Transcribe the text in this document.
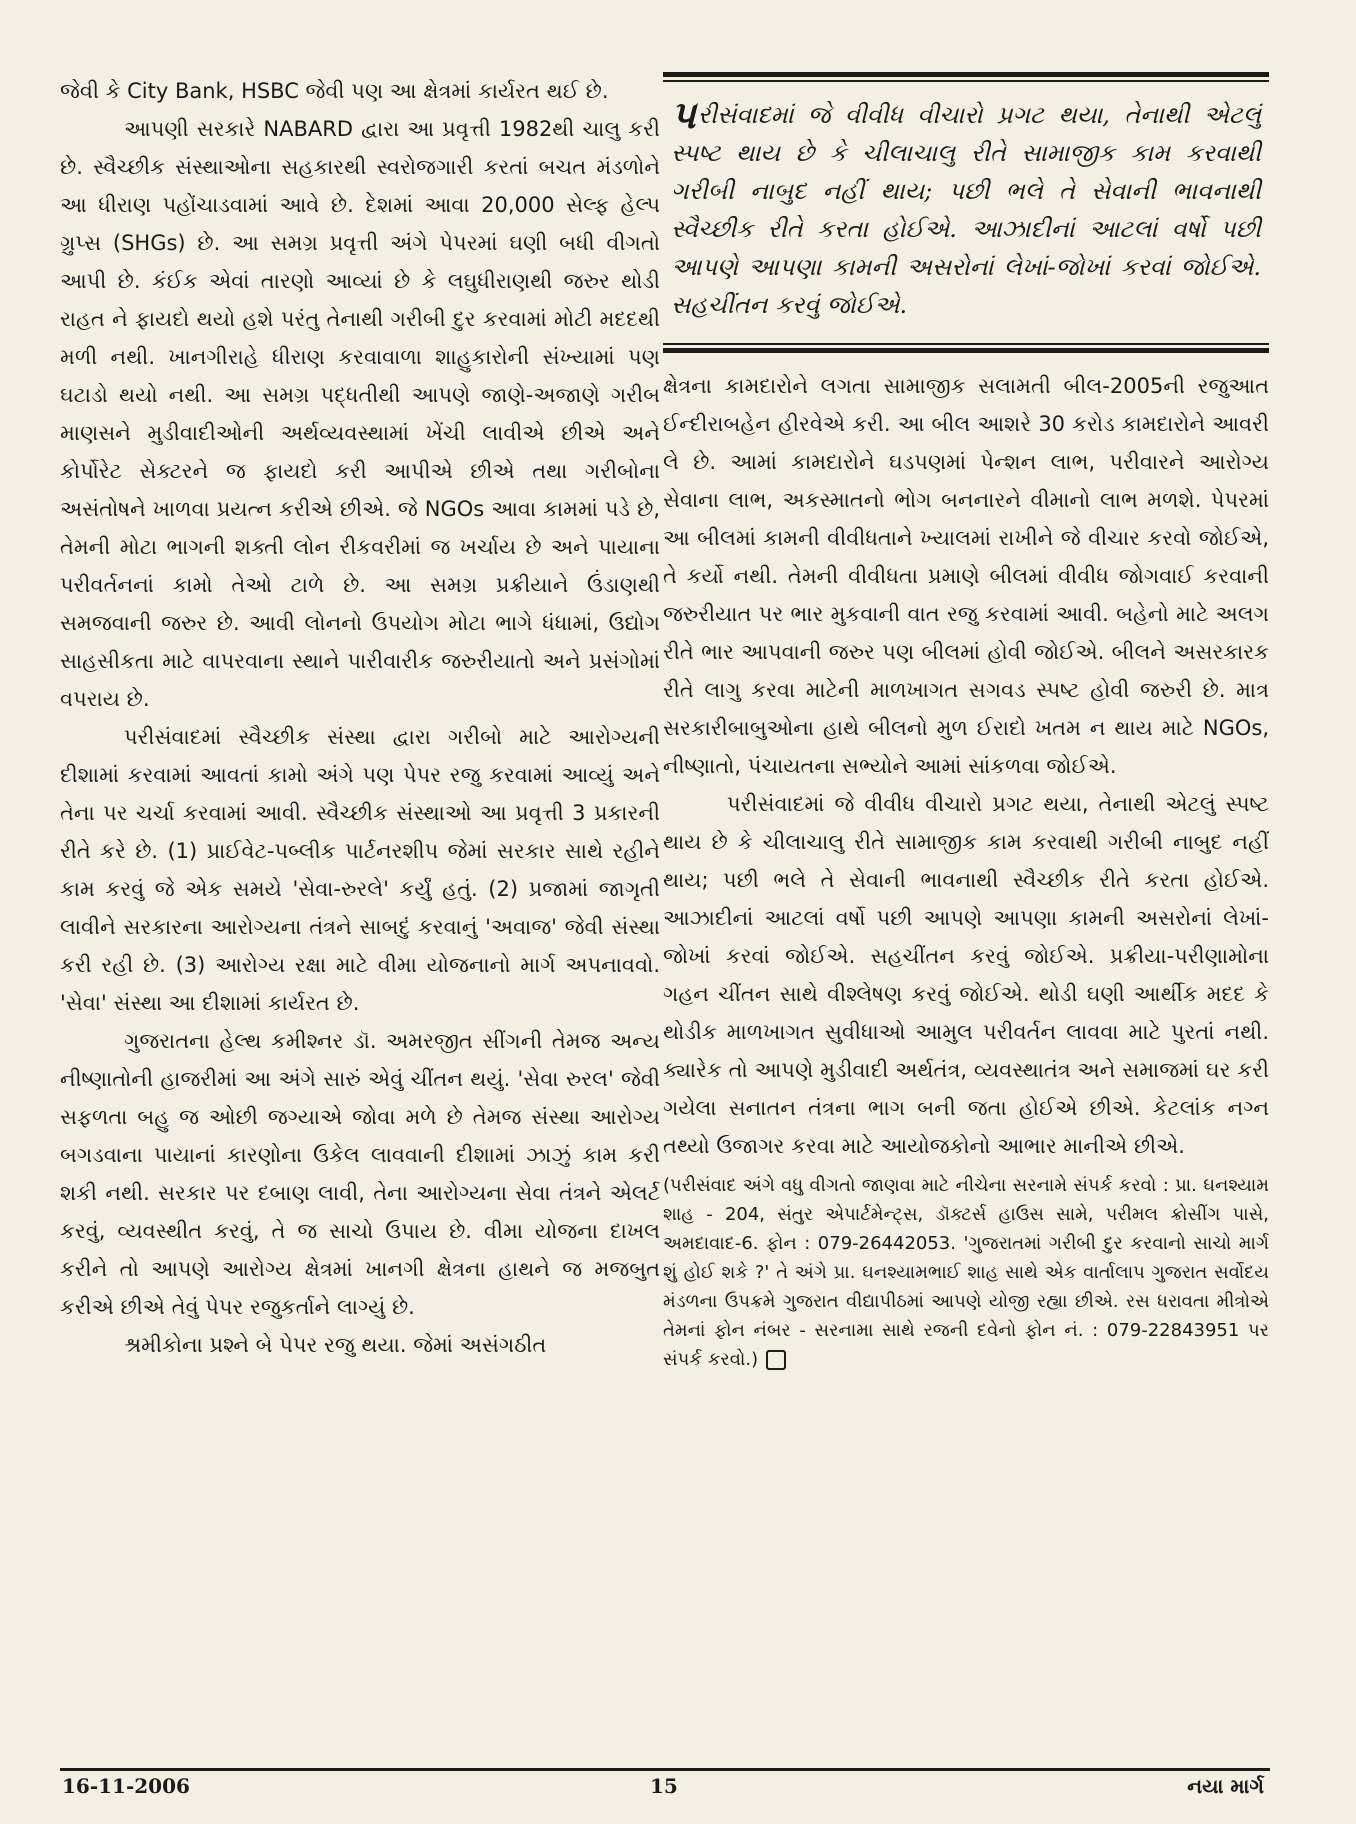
જેવી કે City Bank, HSBC જેવી પણ આ ક્ષેત્રમાં કાર્યરત થઈ છે.

આપણી સરકારે NABARD દ્વારા આ પ્રવૃત્તી 1982થી ચાલુ કરી છે. સ્વૈચ્છીક સંસ્થાઓના સહકારથી સ્વરોજગારી કરતાં બચત મંડળોને આ ધીરાણ પહોંચાડવામાં આવે છે. દેશમાં આવા 20,000 સેલ્ફ હેલ્પ ગ્રુપ્સ (SHGs) છે. આ સમગ્ર પ્રવૃત્તી અંગે પેપરમાં ઘણી બધી વીગતો આપી છે. કંઈક એવાં તારણો આવ્યાં છે કે લઘુધીરાણથી જરુર થોડી રાહત ને ફાયદો થયો હશે પરંતુ તેનાથી ગરીબી દુર કરવામાં મોટી મદદથી મળી નથી. ખાનગીરાહે ધીરાણ કરવાવાળા શાહુકારોની સંખ્યામાં પણ ઘટાડો થયો નથી. આ સમગ્ર પદ્ધતીથી આપણે જાણે-અજાણે ગરીબ માણસને મુડીવાદીઓની અર્થવ્યવસ્થામાં ખેંચી લાવીએ છીએ અને કોર્પોરેટ સેક્ટરને જ ફાયદો કરી આપીએ છીએ તથા ગરીબોના અસંતોષને ખાળવા પ્રયત્ન કરીએ છીએ. જે NGOs આવા કામમાં પડે છે, તેમની મોટા ભાગની શક્તી લોન રીકવરીમાં જ ખર્ચાય છે અને પાયાના પરીવર્તનનાં કામો તેઓ ટાળે છે. આ સમગ્ર પ્રક્રીયાને ઉંડાણથી સમજવાની જરુર છે. આવી લોનનો ઉપયોગ મોટા ભાગે ધંધામાં, ઉદ્યોગ સાહસીકતા માટે વાપરવાના સ્થાને પારીવારીક જરુરીયાતો અને પ્રસંગોમાં વપરાય છે.

પરીસંવાદમાં સ્વૈચ્છીક સંસ્થા દ્વારા ગરીબો માટે આરોગ્યની દીશામાં કરવામાં આવતાં કામો અંગે પણ પેપર રજુ કરવામાં આવ્યું અને તેના પર ચર્ચા કરવામાં આવી. સ્વૈચ્છીક સંસ્થાઓ આ પ્રવૃત્તી 3 પ્રકારની રીતે કરે છે. (1) પ્રાઈવેટ-પબ્લીક પાર્ટનરશીપ જેમાં સરકાર સાથે રહીને કામ કરવું જે એક સમયે 'સેવા-રુરલે' કર્યું હતું. (2) પ્રજામાં જાગૃતી લાવીને સરકારના આરોગ્યના તંત્રને સાબદું કરવાનું 'અવાજ' જેવી સંસ્થા કરી રહી છે. (3) આરોગ્ય રક્ષા માટે વીમા યોજનાનો માર્ગ અપનાવવો. 'સેવા' સંસ્થા આ દીશામાં કાર્યરત છે.

ગુજરાતના હેલ્થ કમીશ્નર ડૉ. અમરજીત સીંગની તેમજ અન્ય નીષ્ણાતોની હાજરીમાં આ અંગે સારું એવું ચીંતન થયું. 'સેવા રુરલ' જેવી સફળતા બહુ જ ઓછી જગ્યાએ જોવા મળે છે તેમજ સંસ્થા આરોગ્ય બગડવાના પાયાનાં કારણોના ઉકેલ લાવવાની દીશામાં ઝાઝું કામ કરી શકી નથી. સરકાર પર દબાણ લાવી, તેના આરોગ્યના સેવા તંત્રને એલર્ટ કરવું, વ્યવસ્થીત કરવું, તે જ સાચો ઉપાય છે. વીમા યોજના દાખલ કરીને તો આપણે આરોગ્ય ક્ષેત્રમાં ખાનગી ક્ષેત્રના હાથને જ મજબુત કરીએ છીએ તેવું પેપર રજુકર્તાને લાગ્યું છે.

શ્રમીકોના પ્રશ્ને બે પેપર રજુ થયા. જેમાં અસંગઠીત

પ રીસંવાદમાં જે વીવીધ વીચારો પ્રગટ થયા, તેનાથી એટલું સ્પષ્ટ થાય છે કે ચીલાચાલુ રીતે સામાજીક કામ કરવાથી ગરીબી નાબુદ નહીં થાય; પછી ભલે તે સેવાની ભાવનાથી સ્વૈચ્છીક રીતે કરતા હોઈએ. આઝાદીનાં આટલાં વર્ષો પછી આપણે આપણા કામની અસરોનાં લેખાં-જોખાં કરવાં જોઈએ. સહચીંતન કરવું જોઈએ.

ક્ષેત્રના કામદારોને લગતા સામાજીક સલામતી બીલ-2005ની રજુઆત ઈન્દીરાબહેન હીરવેએ કરી. આ બીલ આશરે 30 કરોડ કામદારોને આવરી લે છે. આમાં કામદારોને ઘડપણમાં પેન્શન લાભ, પરીવારને આરોગ્ય સેવાના લાભ, અકસ્માતનો ભોગ બનનારને વીમાનો લાભ મળશે. પેપરમાં આ બીલમાં કામની વીવીધતાને ખ્યાલમાં રાખીને જે વીચાર કરવો જોઈએ, તે કર્યો નથી. તેમની વીવીધતા પ્રમાણે બીલમાં વીવીધ જોગવાઈ કરવાની જરુરીયાત પર ભાર મુકવાની વાત રજુ કરવામાં આવી. બહેનો માટે અલગ રીતે ભાર આપવાની જરુર પણ બીલમાં હોવી જોઈએ. બીલને અસરકારક રીતે લાગુ કરવા માટેની માળખાગત સગવડ સ્પષ્ટ હોવી જરુરી છે. માત્ર સરકારીબાબુઓના હાથે બીલનો મુળ ઈરાદો ખતમ ન થાય માટે NGOs, નીષ્ણાતો, પંચાયતના સભ્યોને આમાં સાંકળવા જોઈએ.

પરીસંવાદમાં જે વીવીધ વીચારો પ્રગટ થયા, તેનાથી એટલું સ્પષ્ટ થાય છે કે ચીલાચાલુ રીતે સામાજીક કામ કરવાથી ગરીબી નાબુદ નહીં થાય; પછી ભલે તે સેવાની ભાવનાથી સ્વૈચ્છીક રીતે કરતા હોઈએ. આઝાદીનાં આટલાં વર્ષો પછી આપણે આપણા કામની અસરોનાં લેખાં-જોખાં કરવાં જોઈએ. સહચીંતન કરવું જોઈએ. પ્રક્રીયા-પરીણામોના ગહન ચીંતન સાથે વીશ્લેષણ કરવું જોઈએ. થોડી ઘણી આર્થીક મદદ કે થોડીક માળખાગત સુવીધાઓ આમુલ પરીવર્તન લાવવા માટે પુરતાં નથી. ક્યારેક તો આપણે મુડીવાદી અર્થતંત્ર, વ્યવસ્થાતંત્ર અને સમાજમાં ઘર કરી ગયેલા સનાતન તંત્રના ભાગ બની જતા હોઈએ છીએ. કેટલાંક નગ્ન તથ્યો ઉજાગર કરવા માટે આયોજકોનો આભાર માનીએ છીએ.

(પરીસંવાદ અંગે વધુ વીગતો જાણવા માટે નીચેના સરનામે સંપર્ક કરવો : પ્રા. ઘનશ્યામ શાહ - 204, સંતુર એપાર્ટમેન્ટ્સ, ડૉક્ટર્સ હાઉસ સામે, પરીમલ ક્રોસીંગ પાસે, અમદાવાદ-6. ફોન : 079-26442053. 'ગુજરાતમાં ગરીબી દુર કરવાનો સાચો માર્ગ શું હોઈ શકે ?' તે અંગે પ્રા. ઘનશ્યામભાઈ શાહ સાથે એક વાર્તાલાપ ગુજરાત સર્વોદય મંડળના ઉપક્રમે ગુજરાત વીદ્યાપીઠમાં આપણે યોજી રહ્યા છીએ. રસ ધરાવતા મીત્રોએ તેમનાં ફોન નંબર - સરનામા સાથે રજની દવેનો ફોન નં. : 079-22843951 પર સંપર્ક કરવો.)

16-11-2006	15	નયા માર્ગ
